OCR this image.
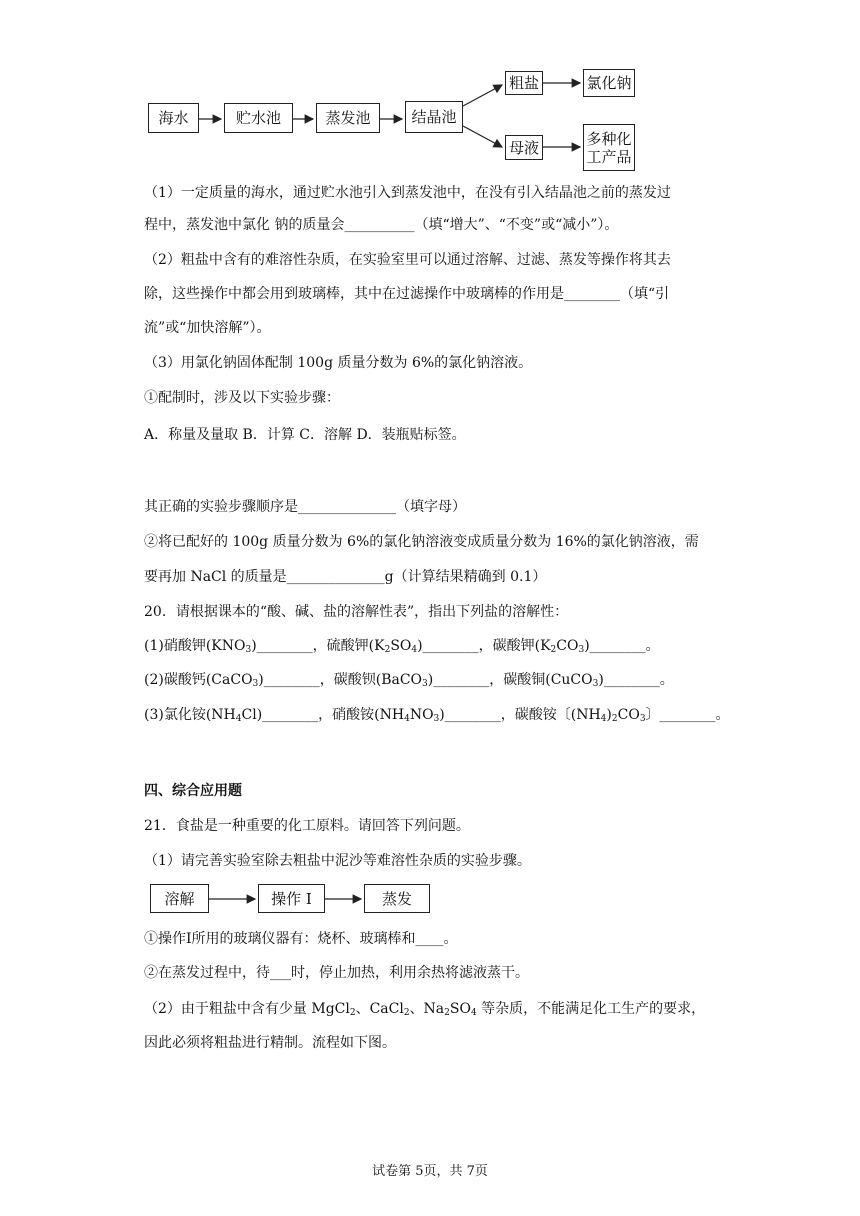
海水	贮水池	蒸发池	结晶池
粗盐	氯化钠
母液	多种化
工产品
（1）一定质量的海水，通过贮水池引入到蒸发池中，在没有引入结晶池之前的蒸发过
程中，蒸发池中氯化 钠的质量会__________（填“增大”、“不变”或“减小”）。
（2）粗盐中含有的难溶性杂质，在实验室里可以通过溶解、过滤、蒸发等操作将其去
除，这些操作中都会用到玻璃棒，其中在过滤操作中玻璃棒的作用是________（填“引
流”或“加快溶解”）。
（3）用氯化钠固体配制 100g 质量分数为 6%的氯化钠溶液。
①配制时，涉及以下实验步骤：
A．称量及量取 B．计算 C．溶解 D．装瓶贴标签。
其正确的实验步骤顺序是______________（填字母）
②将已配好的 100g 质量分数为 6%的氯化钠溶液变成质量分数为 16%的氯化钠溶液，需
要再加 NaCl 的质量是______________g（计算结果精确到 0.1）
20．请根据课本的“酸、碱、盐的溶解性表”，指出下列盐的溶解性：
(1)硝酸钾$(KNO_3)\_\_\_\_\_\_\_\_$，硫酸钾$(K_2SO_4)\_\_\_\_\_\_\_\_$，碳酸钾$(K_2CO_3)\_\_\_\_\_\_\_\_$。
(2)碳酸钙(CaCO$_3$)________，碳酸钡(BaCO$_3$)________，碳酸铜(CuCO$_3$)________。
(3)氯化铵$(NH_4Cl)\_\_\_\_\_\_\_\_$，硝酸铵$(NH_4NO_3)\_\_\_\_\_\_\_\_$，碳酸铵〔$(NH_4)_2CO_3$〕________。
四、综合应用题
21．食盐是一种重要的化工原料。请回答下列问题。
（1）请完善实验室除去粗盐中泥沙等难溶性杂质的实验步骤。
溶解	操作 I	蒸发
①操作I所用的玻璃仪器有：烧杯、玻璃棒和____。
②在蒸发过程中，待___时，停止加热，利用余热将滤液蒸干。
（2）由于粗盐中含有少量 MgCl$_2$、CaCl$_2$、$Na_2SO_4$ 等杂质，不能满足化工生产的要求，
因此必须将粗盐进行精制。流程如下图。
试卷第 5页，共 7页
